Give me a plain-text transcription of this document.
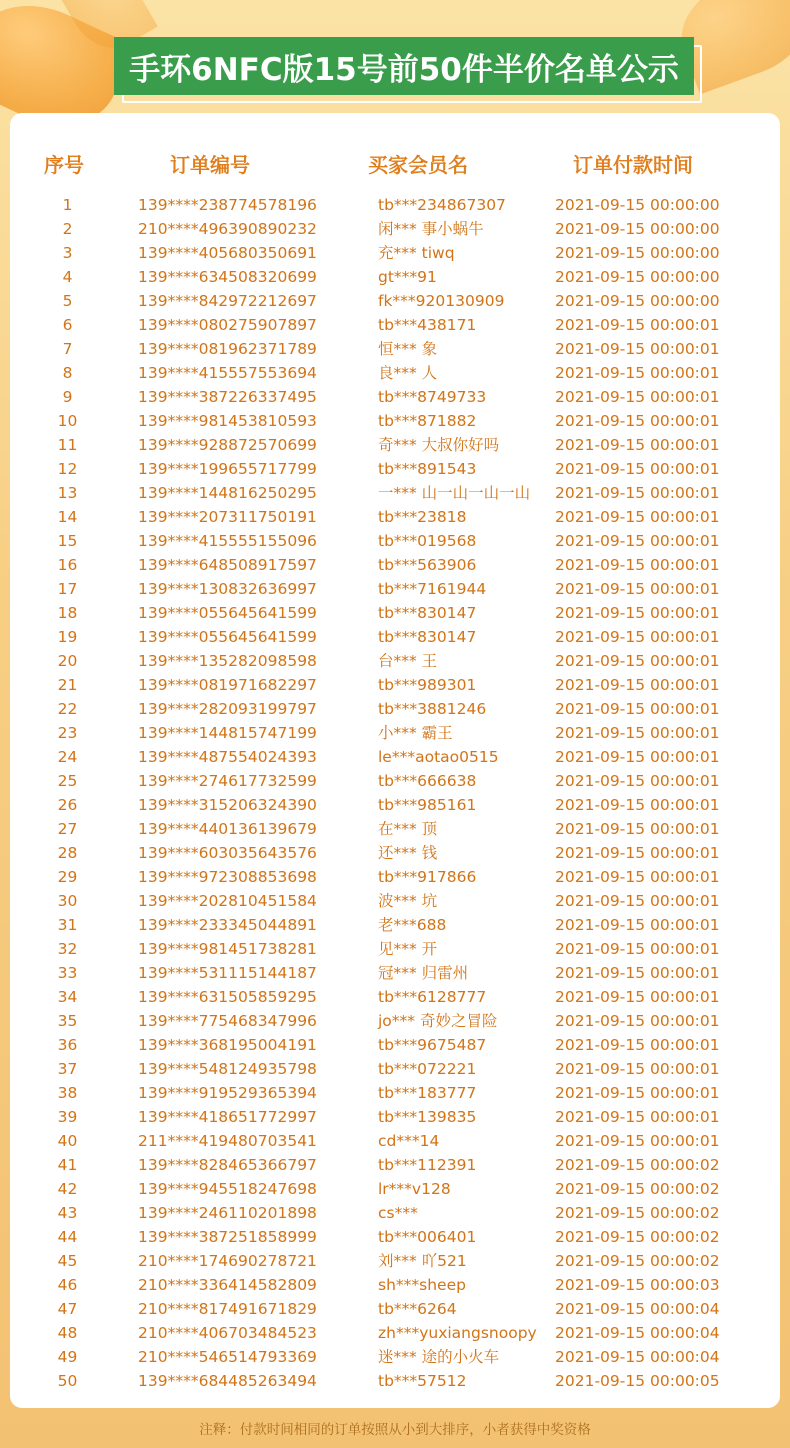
手环6NFC版15号前50件半价名单公示
序号	订单编号	买家会员名	订单付款时间
1	139****238774578196	tb***234867307	2021-09-15 00:00:00
2	210****496390890232	闲*** 事小蜗牛	2021-09-15 00:00:00
3	139****405680350691	充*** tiwq	2021-09-15 00:00:00
4	139****634508320699	gt***91	2021-09-15 00:00:00
5	139****842972212697	fk***920130909	2021-09-15 00:00:00
6	139****080275907897	tb***438171	2021-09-15 00:00:01
7	139****081962371789	恒*** 象	2021-09-15 00:00:01
8	139****415557553694	良*** 人	2021-09-15 00:00:01
9	139****387226337495	tb***8749733	2021-09-15 00:00:01
10	139****981453810593	tb***871882	2021-09-15 00:00:01
11	139****928872570699	奇*** 大叔你好吗	2021-09-15 00:00:01
12	139****199655717799	tb***891543	2021-09-15 00:00:01
13	139****144816250295	一*** 山一山一山一山 2021-09-15 00:00:01
14	139****207311750191	tb***23818	2021-09-15 00:00:01
15	139****415555155096	tb***019568	2021-09-15 00:00:01
16	139****648508917597	tb***563906	2021-09-15 00:00:01
17	139****130832636997	tb***7161944	2021-09-15 00:00:01
18	139****055645641599	tb***830147	2021-09-15 00:00:01
19	139****055645641599	tb***830147	2021-09-15 00:00:01
20	139****135282098598	台*** 王	2021-09-15 00:00:01
21	139****081971682297	tb***989301	2021-09-15 00:00:01
22	139****282093199797	tb***3881246	2021-09-15 00:00:01
23	139****144815747199	小*** 霸王	2021-09-15 00:00:01
24	139****487554024393	le***aotao0515	2021-09-15 00:00:01
25	139****274617732599	tb***666638	2021-09-15 00:00:01
26	139****315206324390	tb***985161	2021-09-15 00:00:01
27	139****440136139679	在*** 顶	2021-09-15 00:00:01
28	139****603035643576	还*** 钱	2021-09-15 00:00:01
29	139****972308853698	tb***917866	2021-09-15 00:00:01
30	139****202810451584	波*** 坑	2021-09-15 00:00:01
31	139****233345044891	老***688	2021-09-15 00:00:01
32	139****981451738281	见*** 开	2021-09-15 00:00:01
33	139****531115144187	冠*** 归雷州	2021-09-15 00:00:01
34	139****631505859295	tb***6128777	2021-09-15 00:00:01
35	139****775468347996	jo*** 奇妙之冒险	2021-09-15 00:00:01
36	139****368195004191	tb***9675487	2021-09-15 00:00:01
37	139****548124935798	tb***072221	2021-09-15 00:00:01
38	139****919529365394	tb***183777	2021-09-15 00:00:01
39	139****418651772997	tb***139835	2021-09-15 00:00:01
40	211****419480703541	cd***14	2021-09-15 00:00:01
41	139****828465366797	tb***112391	2021-09-15 00:00:02
42	139****945518247698	lr***v128	2021-09-15 00:00:02
43	139****246110201898	cs***	2021-09-15 00:00:02
44	139****387251858999	tb***006401	2021-09-15 00:00:02
45	210****174690278721	刘*** 吖521	2021-09-15 00:00:02
46	210****336414582809	sh***sheep	2021-09-15 00:00:03
47	210****817491671829	tb***6264	2021-09-15 00:00:04
48	210****406703484523	zh***yuxiangsnoopy 2021-09-15 00:00:04
49	210****546514793369	迷*** 途的小火车	2021-09-15 00:00:04
50	139****684485263494	tb***57512	2021-09-15 00:00:05
注释：付款时间相同的订单按照从小到大排序，小者获得中奖资格
